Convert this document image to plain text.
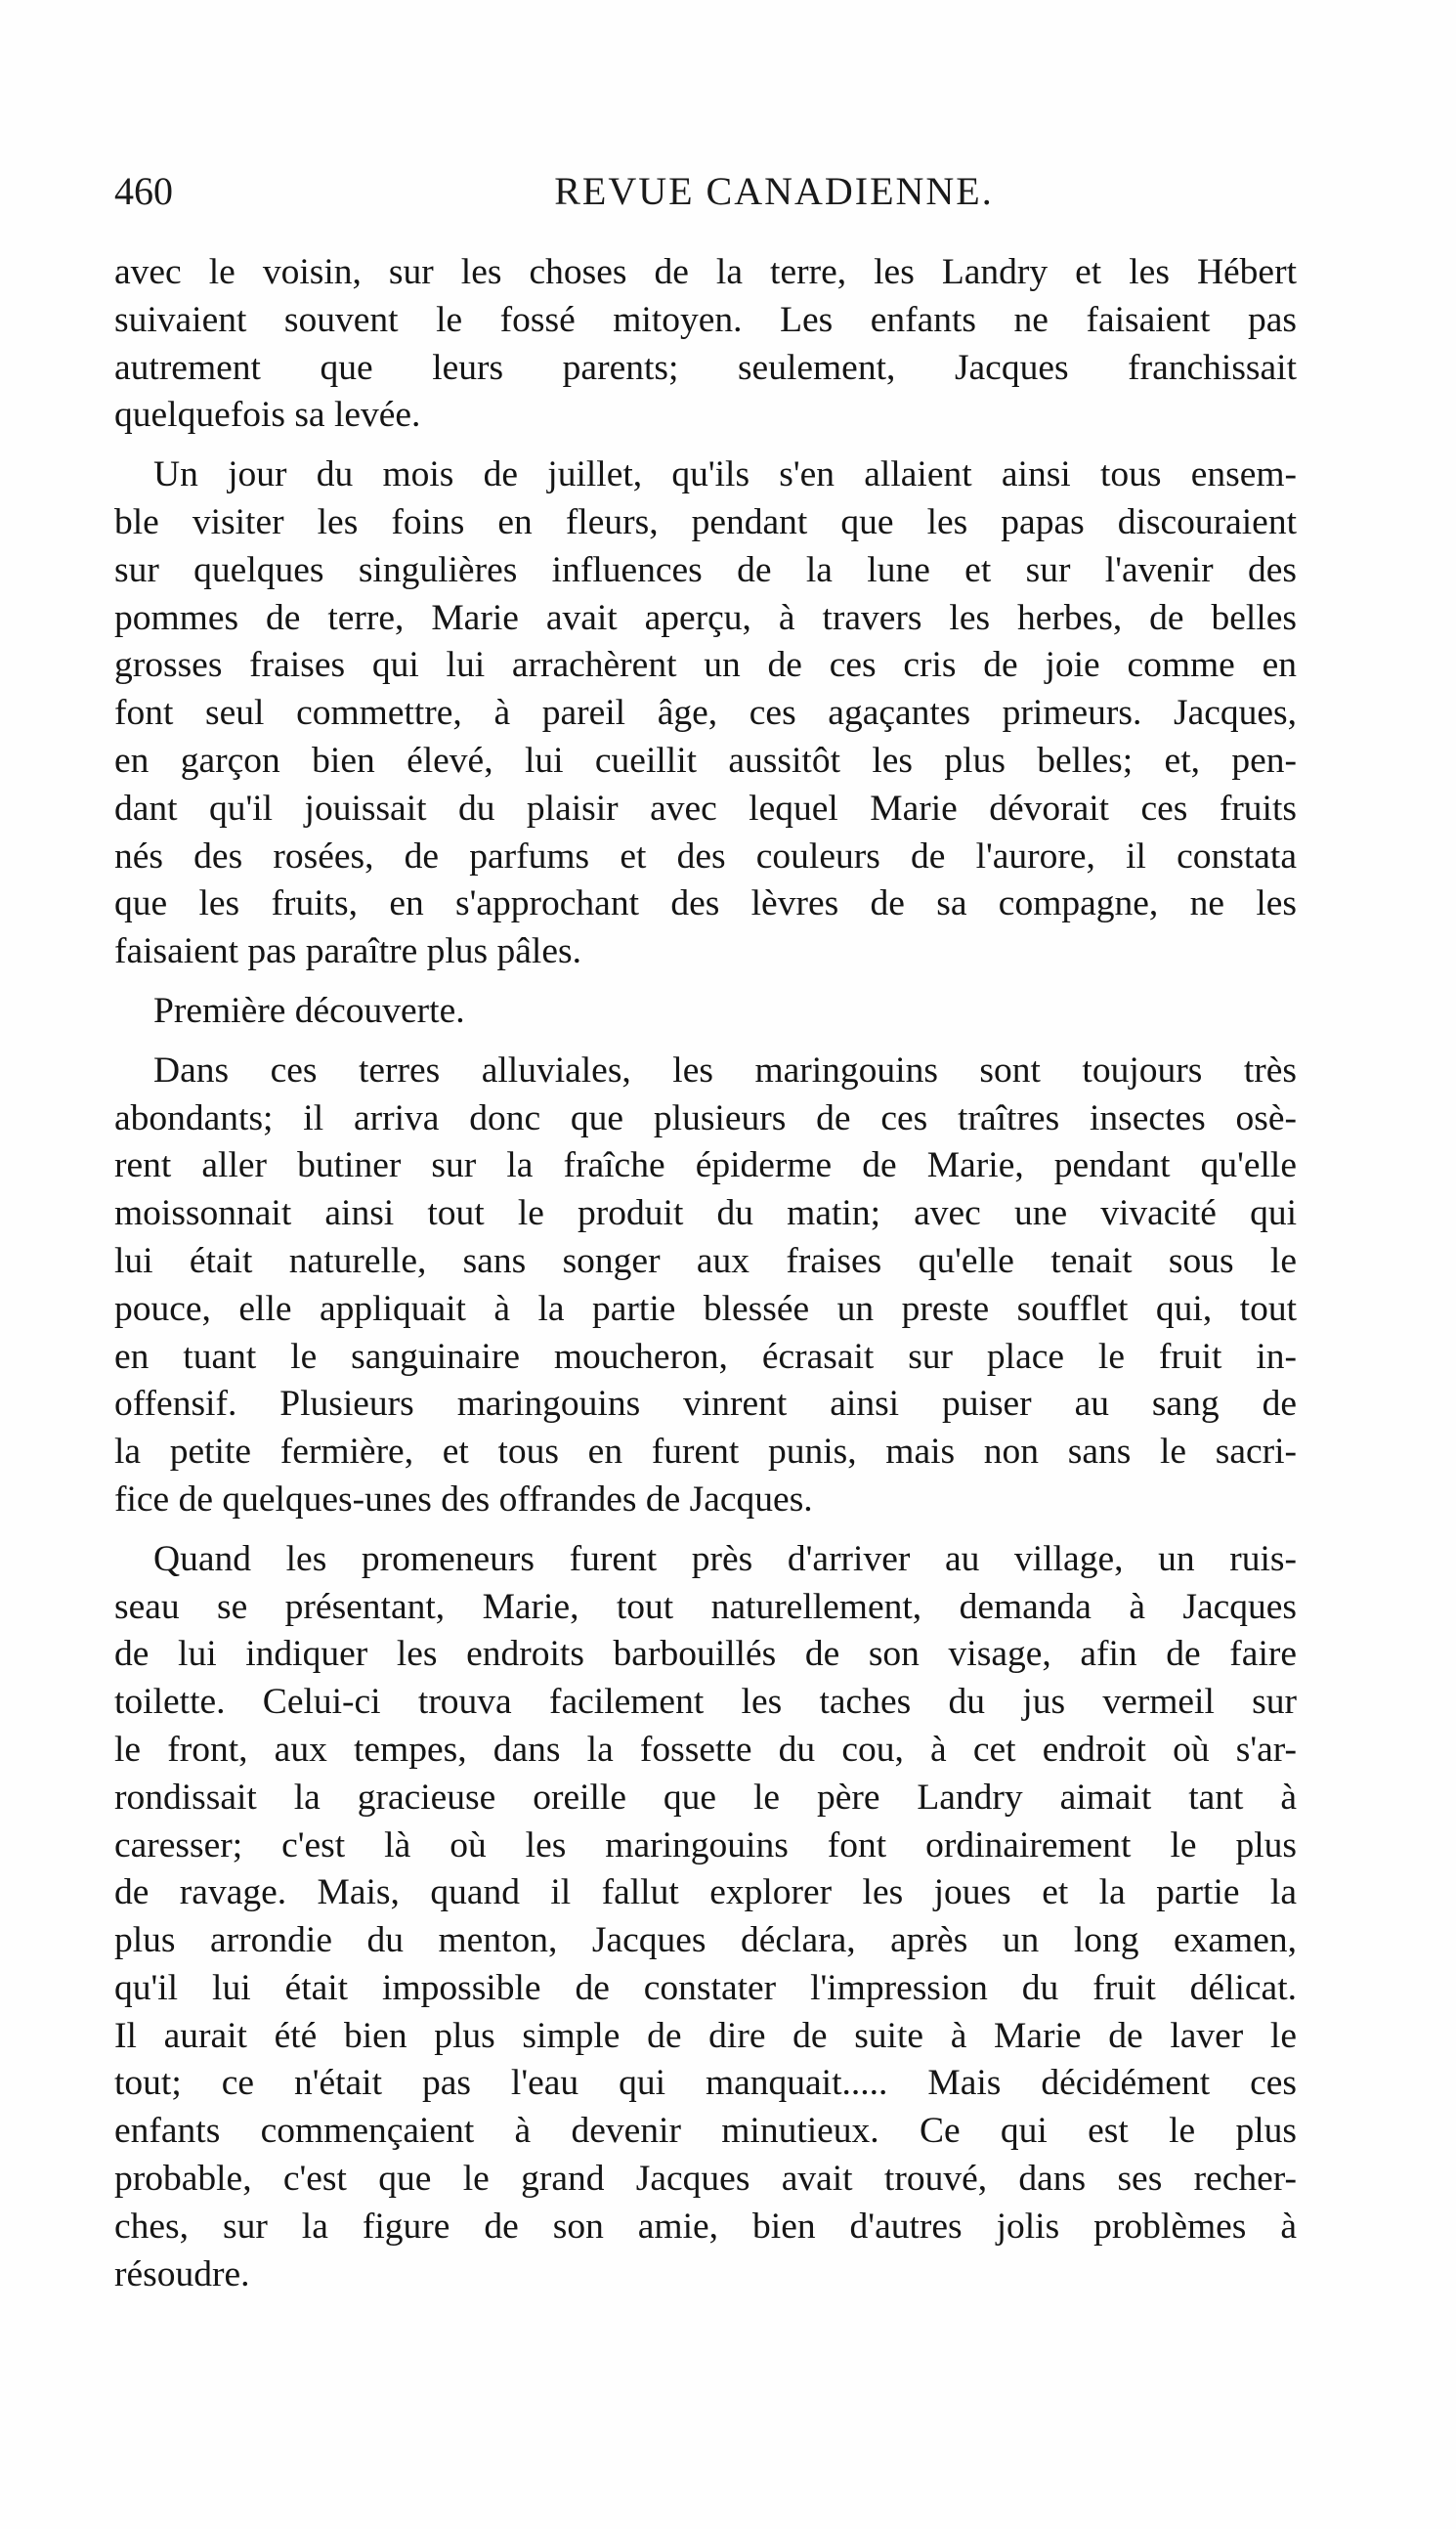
460	REVUE CANADIENNE.
avec le voisin, sur les choses de la terre, les Landry et les Hébert
suivaient souvent le fossé mitoyen. Les enfants ne faisaient pas
autrement que leurs parents; seulement, Jacques franchissait
quelquefois sa levée.
Un jour du mois de juillet, qu'ils s'en allaient ainsi tous ensem-
ble visiter les foins en fleurs, pendant que les papas discouraient
sur quelques singulières influences de la lune et sur l'avenir des
pommes de terre, Marie avait aperçu, à travers les herbes, de belles
grosses fraises qui lui arrachèrent un de ces cris de joie comme en
font seul commettre, à pareil âge, ces agaçantes primeurs. Jacques,
en garçon bien élevé, lui cueillit aussitôt les plus belles; et, pen-
dant qu'il jouissait du plaisir avec lequel Marie dévorait ces fruits
nés des rosées, de parfums et des couleurs de l'aurore, il constata
que les fruits, en s'approchant des lèvres de sa compagne, ne les
faisaient pas paraître plus pâles.
Première découverte.
Dans ces terres alluviales, les maringouins sont toujours très
abondants; il arriva donc que plusieurs de ces traîtres insectes osè-
rent aller butiner sur la fraîche épiderme de Marie, pendant qu'elle
moissonnait ainsi tout le produit du matin; avec une vivacité qui
lui était naturelle, sans songer aux fraises qu'elle tenait sous le
pouce, elle appliquait à la partie blessée un preste soufflet qui, tout
en tuant le sanguinaire moucheron, écrasait sur place le fruit in-
offensif. Plusieurs maringouins vinrent ainsi puiser au sang de
la petite fermière, et tous en furent punis, mais non sans le sacri-
fice de quelques-unes des offrandes de Jacques.
Quand les promeneurs furent près d'arriver au village, un ruis-
seau se présentant, Marie, tout naturellement, demanda à Jacques
de lui indiquer les endroits barbouillés de son visage, afin de faire
toilette. Celui-ci trouva facilement les taches du jus vermeil sur
le front, aux tempes, dans la fossette du cou, à cet endroit où s'ar-
rondissait la gracieuse oreille que le père Landry aimait tant à
caresser; c'est là où les maringouins font ordinairement le plus
de ravage. Mais, quand il fallut explorer les joues et la partie la
plus arrondie du menton, Jacques déclara, après un long examen,
qu'il lui était impossible de constater l'impression du fruit délicat.
Il aurait été bien plus simple de dire de suite à Marie de laver le
tout; ce n'était pas l'eau qui manquait..... Mais décidément ces
enfants commençaient à devenir minutieux. Ce qui est le plus
probable, c'est que le grand Jacques avait trouvé, dans ses recher-
ches, sur la figure de son amie, bien d'autres jolis problèmes à
résoudre.
